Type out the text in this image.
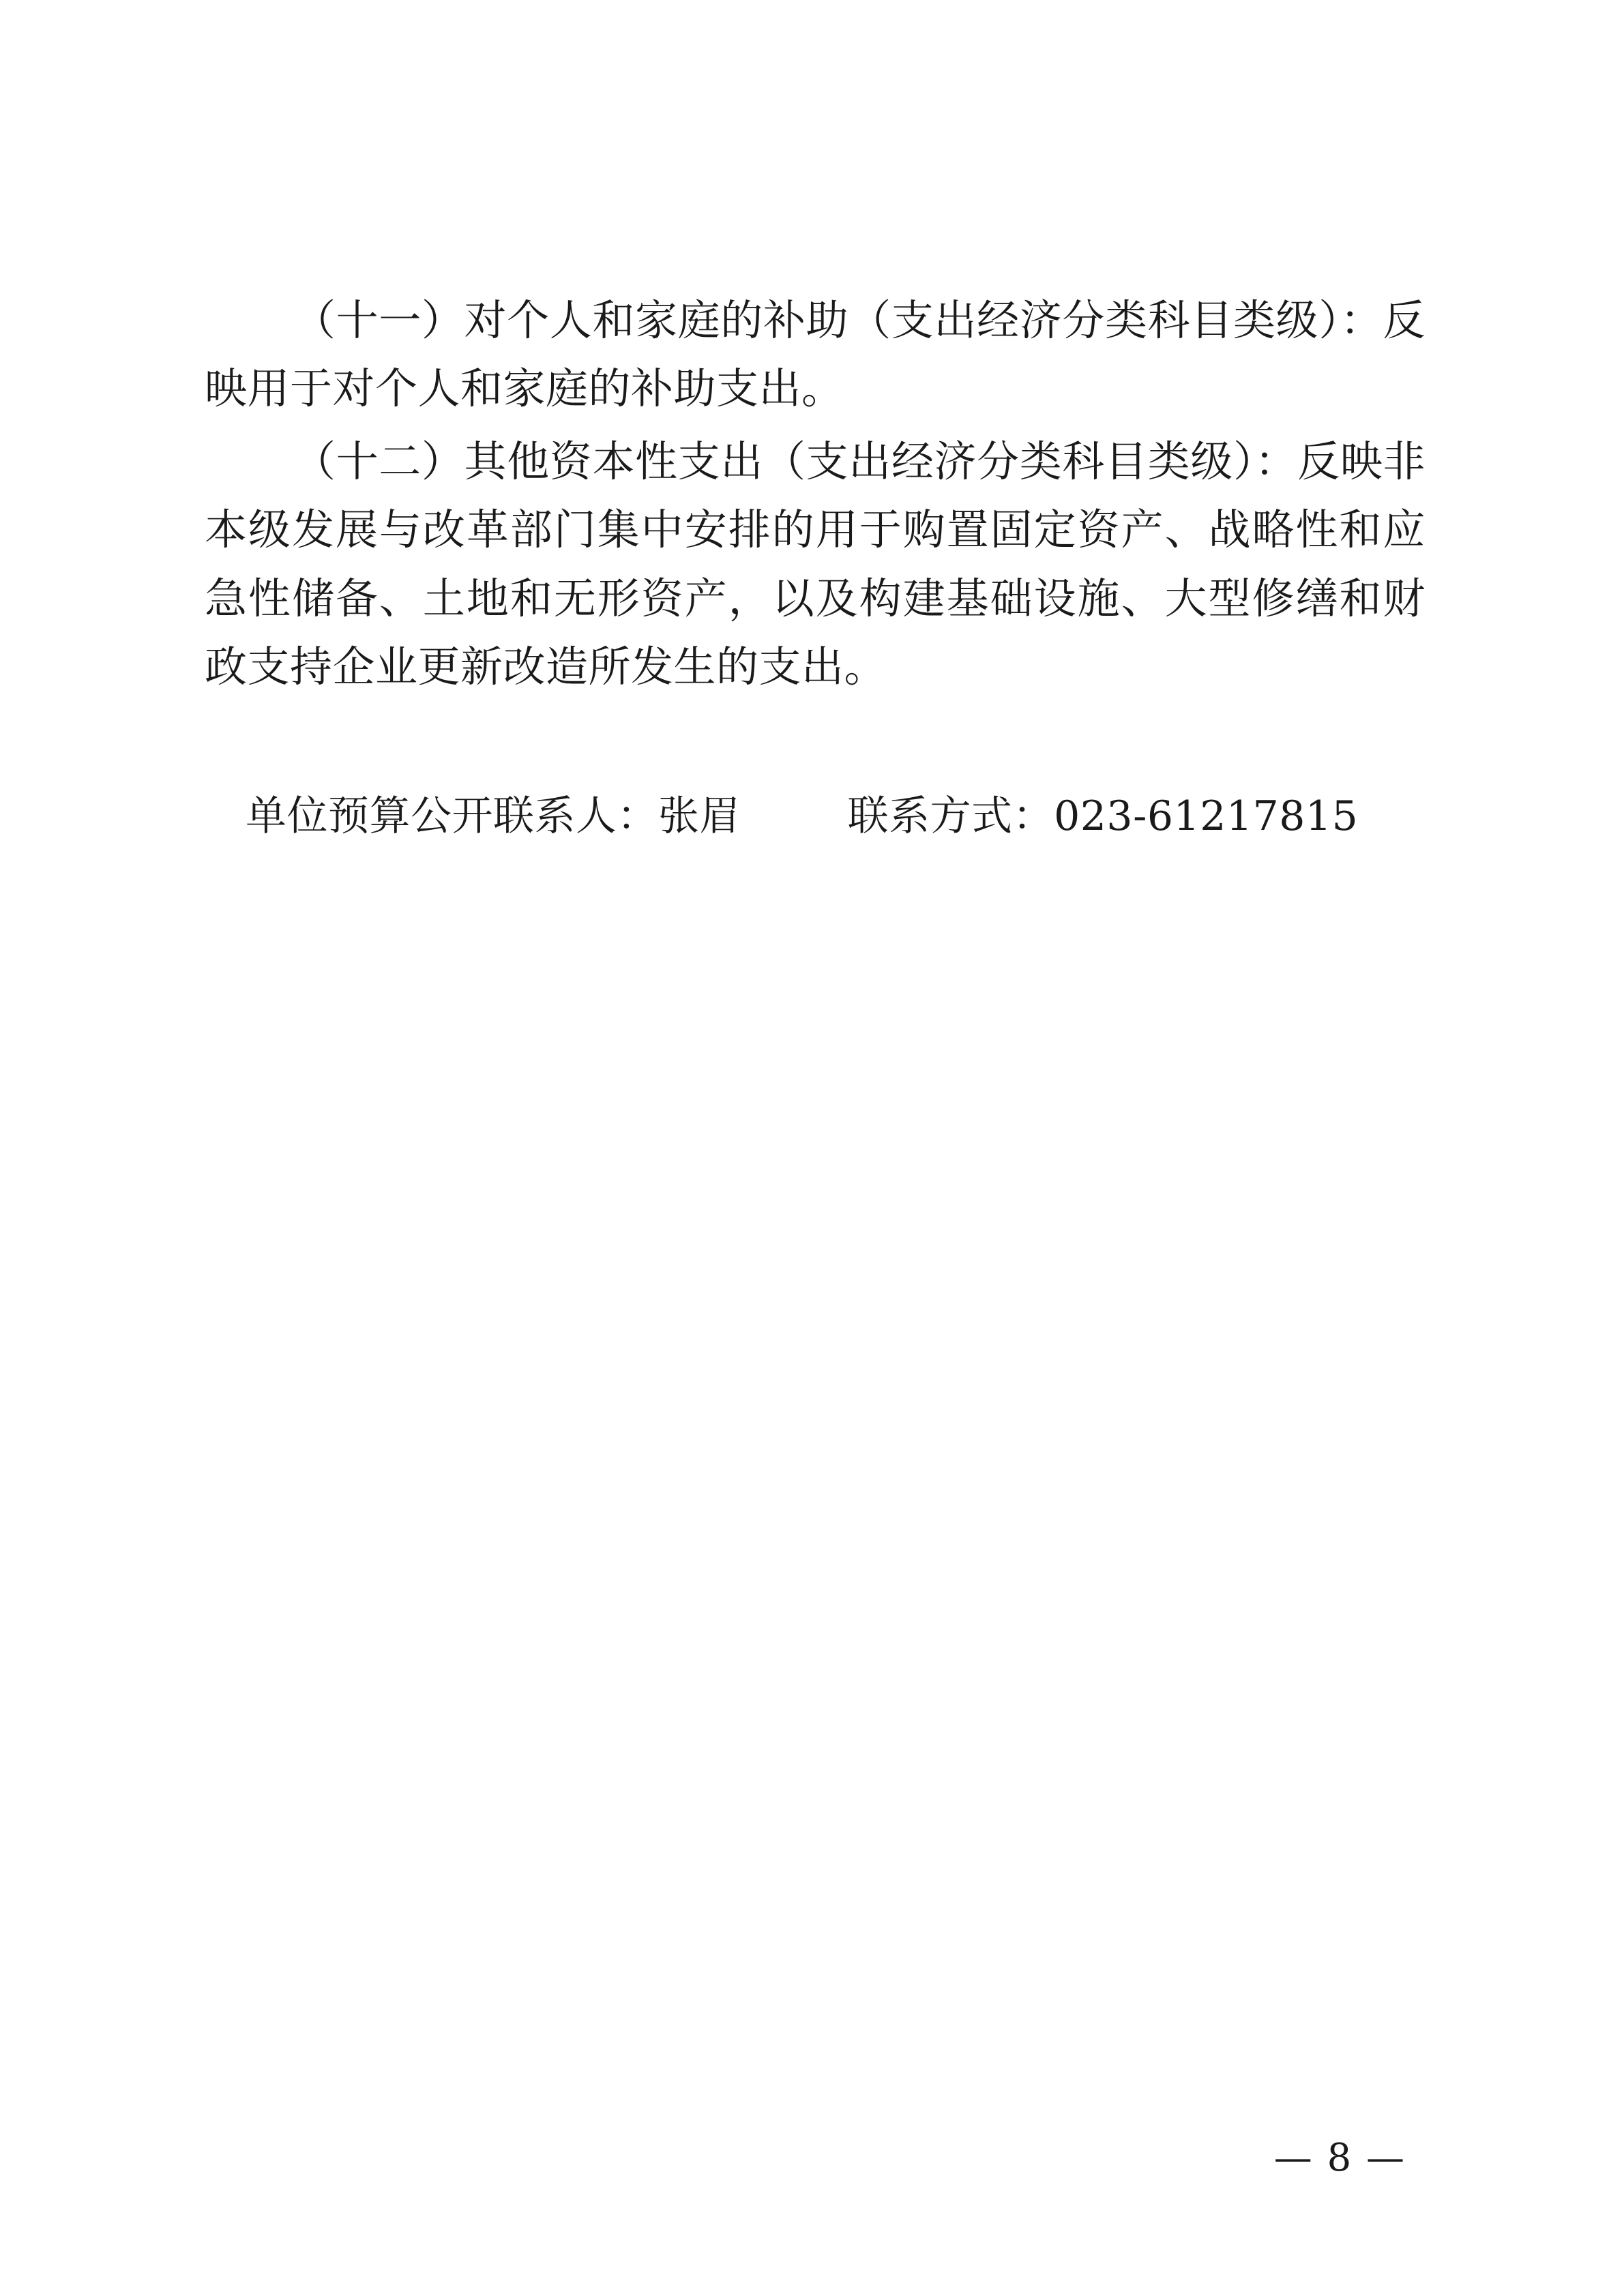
（十一）对个人和家庭的补助（支出经济分类科目类级）：反映用于对个人和家庭的补助支出。

（十二）其他资本性支出（支出经济分类科目类级）：反映非本级发展与改革部门集中安排的用于购置固定资产、战略性和应急性储备、土地和无形资产，以及构建基础设施、大型修缮和财政支持企业更新改造所发生的支出。

单位预算公开联系人：张眉        联系方式：023-61217815
— 8 —
